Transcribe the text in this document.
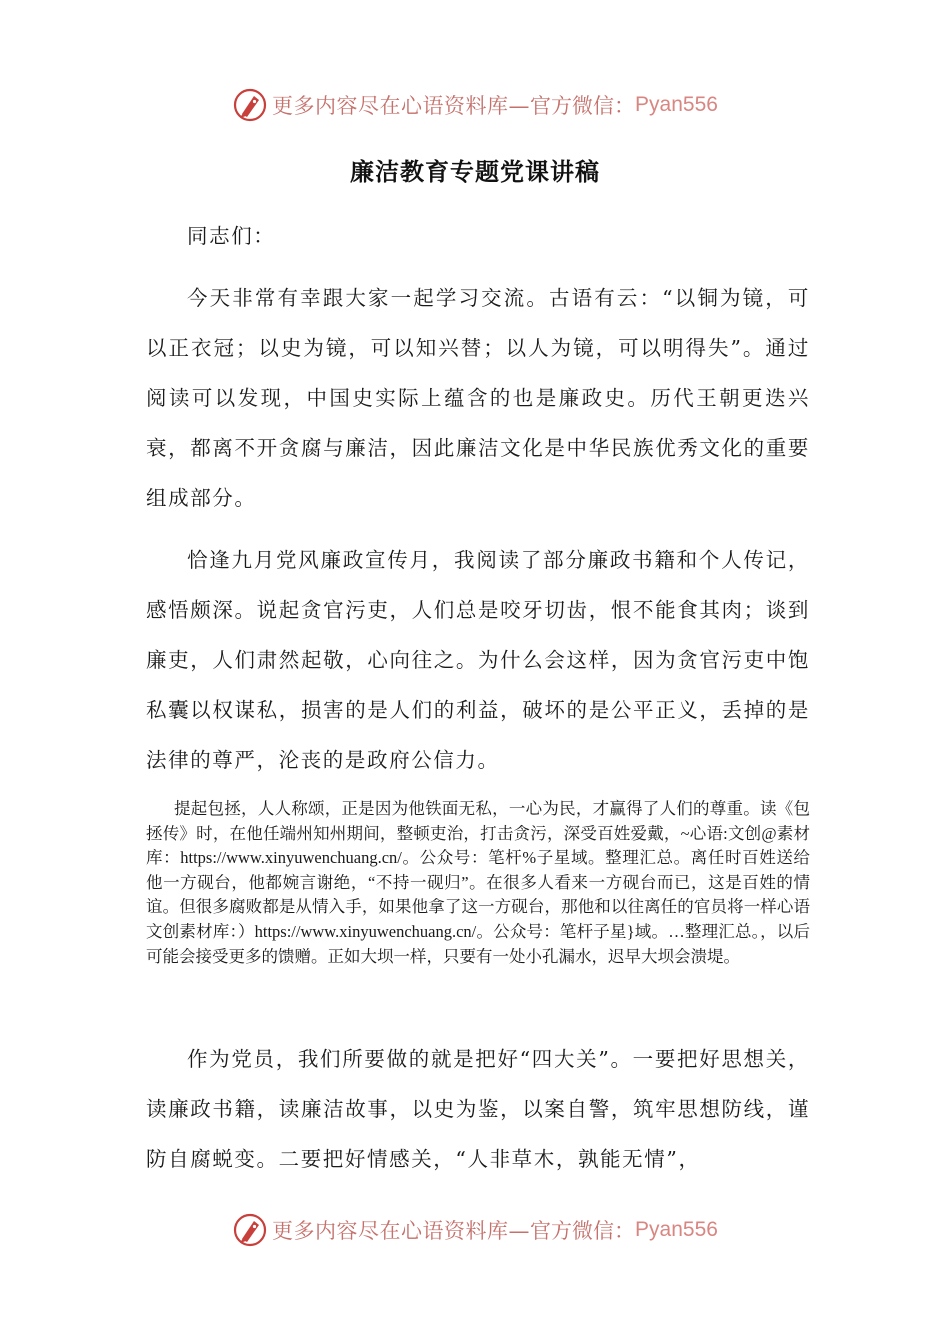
更多内容尽在心语资料库— 官方微信： Pyan556
廉洁教育专题党课讲稿

同志们：

今天非常有幸跟大家一起学习交流。古语有云：“以铜为镜，可以正衣冠；以史为镜，可以知兴替；以人为镜，可以明得失”。通过阅读可以发现，中国史实际上蕴含的也是廉政史。历代王朝更迭兴衰，都离不开贪腐与廉洁，因此廉洁文化是中华民族优秀文化的重要组成部分。

恰逢九月党风廉政宣传月，我阅读了部分廉政书籍和个人传记，感悟颇深。说起贪官污吏，人们总是咬牙切齿，恨不能食其肉；谈到廉吏，人们肃然起敬，心向往之。为什么会这样，因为贪官污吏中饱私囊以权谋私，损害的是人们的利益，破坏的是公平正义，丢掉的是法律的尊严，沦丧的是政府公信力。

提起包拯，人人称颂，正是因为他铁面无私，一心为民，才赢得了人们的尊重。读《包拯传》时，在他任端州知州期间，整顿吏治，打击贪污，深受百姓爱戴，~心语:文创@素材库：https://www.xinyuwenchuang.cn/。公众号：笔杆%子星域。整理汇总。离任时百姓送给他一方砚台，他都婉言谢绝，“不持一砚归”。在很多人看来一方砚台而已，这是百姓的情谊。但很多腐败都是从情入手，如果他拿了这一方砚台，那他和以往离任的官员将一样心语文创素材库：）https://www.xinyuwenchuang.cn/。公众号：笔杆子星}域。…整理汇总。，以后可能会接受更多的馈赠。正如大坝一样，只要有一处小孔漏水，迟早大坝会溃堤。

作为党员，我们所要做的就是把好“四大关”。一要把好思想关，读廉政书籍，读廉洁故事，以史为鉴，以案自警，筑牢思想防线，谨防自腐蜕变。二要把好情感关，“人非草木，孰能无情”，

更多内容尽在心语资料库— 官方微信： Pyan556
